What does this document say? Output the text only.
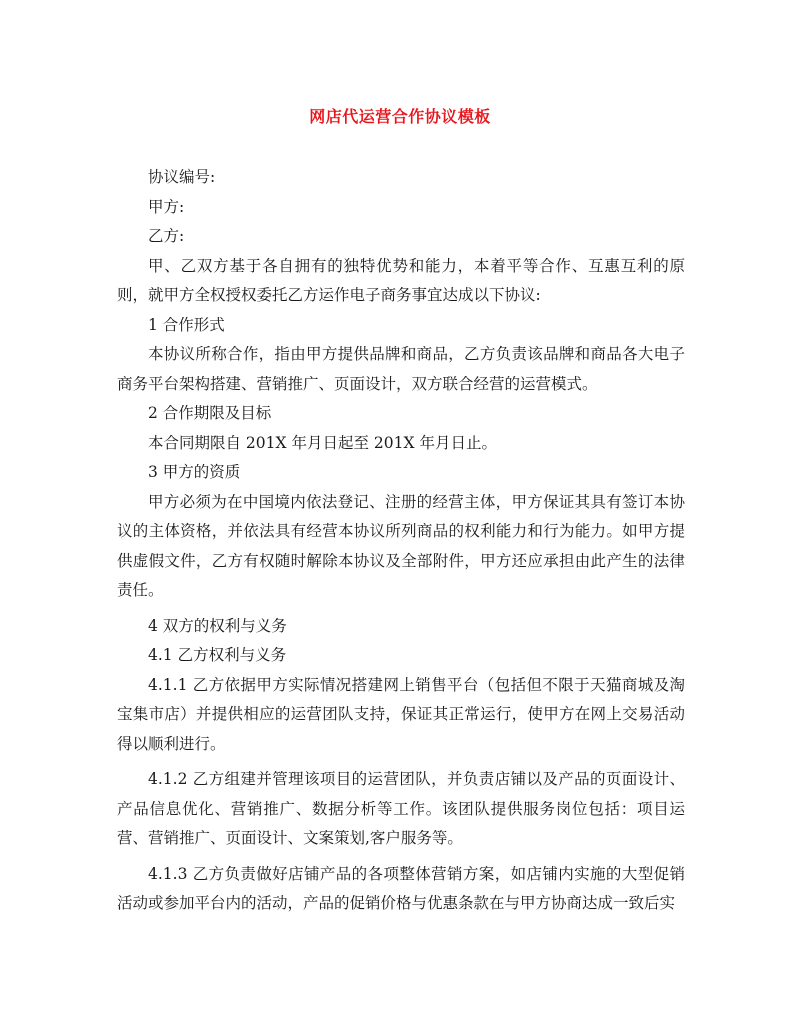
网店代运营合作协议模板

协议编号:

甲方:

乙方:

甲、乙双方基于各自拥有的独特优势和能力，本着平等合作、互惠互利的原则，就甲方全权授权委托乙方运作电子商务事宜达成以下协议:

1 合作形式

本协议所称合作，指由甲方提供品牌和商品，乙方负责该品牌和商品各大电子商务平台架构搭建、营销推广、页面设计，双方联合经营的运营模式。

2 合作期限及目标

本合同期限自 201X 年月日起至 201X 年月日止。

3 甲方的资质

甲方必须为在中国境内依法登记、注册的经营主体，甲方保证其具有签订本协议的主体资格，并依法具有经营本协议所列商品的权利能力和行为能力。如甲方提供虚假文件，乙方有权随时解除本协议及全部附件，甲方还应承担由此产生的法律责任。

4 双方的权利与义务

4.1 乙方权利与义务

4.1.1 乙方依据甲方实际情况搭建网上销售平台（包括但不限于天猫商城及淘宝集市店）并提供相应的运营团队支持，保证其正常运行，使甲方在网上交易活动得以顺利进行。

4.1.2 乙方组建并管理该项目的运营团队，并负责店铺以及产品的页面设计、产品信息优化、营销推广、数据分析等工作。该团队提供服务岗位包括：项目运营、营销推广、页面设计、文案策划,客户服务等。

4.1.3 乙方负责做好店铺产品的各项整体营销方案，如店铺内实施的大型促销活动或参加平台内的活动，产品的促销价格与优惠条款在与甲方协商达成一致后实
